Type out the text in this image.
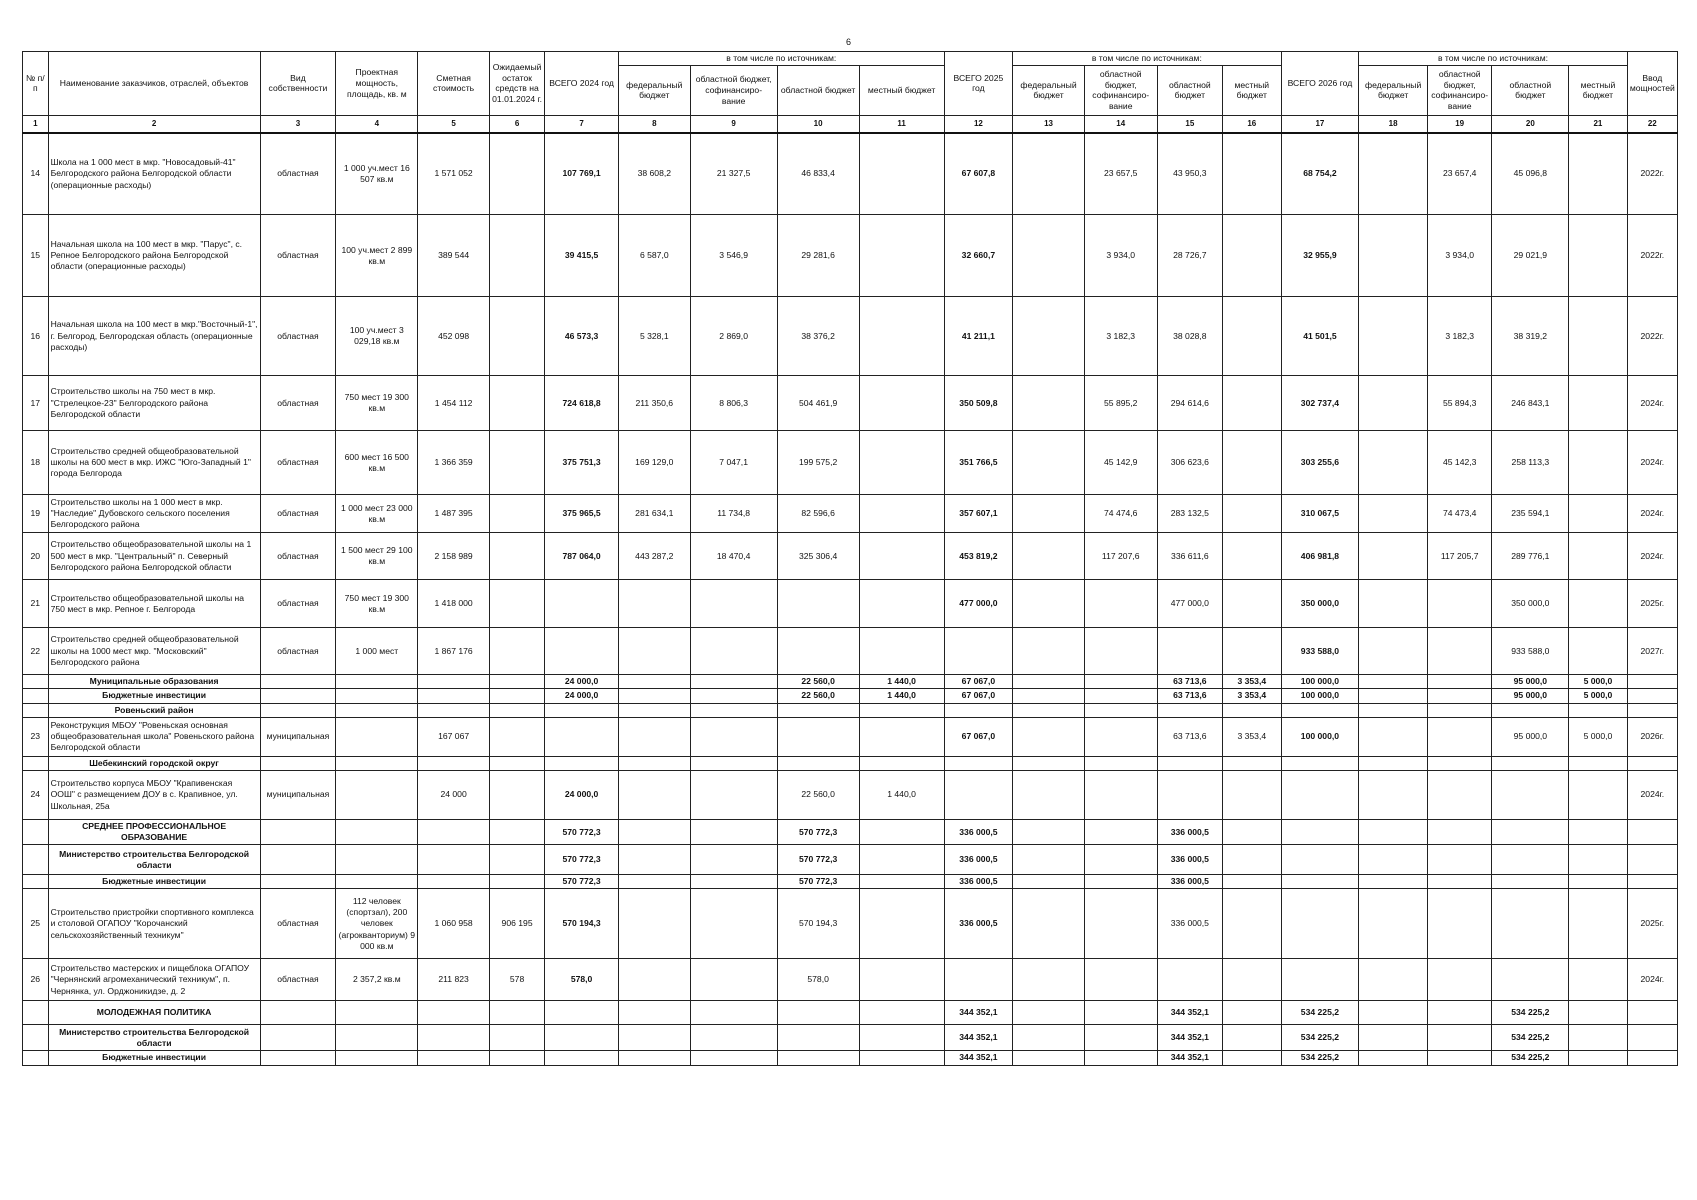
6
№ п/п	Наименование заказчиков, отраслей, объектов	Вид собственности	Проектная мощность, площадь, кв. м	Сметная стоимость	Ожидаемый остаток средств на 01.01.2024 г.	ВСЕГО 2024 год	в том числе по источникам:				ВСЕГО 2025 год	в том числе по источникам:				ВСЕГО 2026 год	в том числе по источникам:				Ввод мощностей
							федеральный бюджет	областной бюджет, софинансиро- вание	областной бюджет	местный бюджет		федеральный бюджет	областной бюджет, софинансиро- вание	областной бюджет	местный бюджет		федеральный бюджет	областной бюджет, софинансиро- вание	областной бюджет	местный бюджет	
1	2	3	4	5	6	7	8	9	10	11	12	13	14	15	16	17	18	19	20	21	22
14	Школа на 1 000 мест в мкр. "Новосадовый-41" Белгородского района Белгородской области (операционные расходы)	областная	1 000 уч.мест 16 507 кв.м	1 571 052		107 769,1	38 608,2	21 327,5	46 833,4		67 607,8		23 657,5	43 950,3		68 754,2		23 657,4	45 096,8		2022г.
15	Начальная школа на 100 мест в мкр. "Парус", с. Репное Белгородского района Белгородской области (операционные расходы)	областная	100 уч.мест 2 899 кв.м	389 544		39 415,5	6 587,0	3 546,9	29 281,6		32 660,7		3 934,0	28 726,7		32 955,9		3 934,0	29 021,9		2022г.
16	Начальная школа на 100 мест в мкр."Восточный-1", г. Белгород, Белгородская область (операционные расходы)	областная	100 уч.мест 3 029,18 кв.м	452 098		46 573,3	5 328,1	2 869,0	38 376,2		41 211,1		3 182,3	38 028,8		41 501,5		3 182,3	38 319,2		2022г.
17	Строительство школы на 750 мест в мкр. "Стрелецкое-23" Белгородского района Белгородской области	областная	750 мест 19 300 кв.м	1 454 112		724 618,8	211 350,6	8 806,3	504 461,9		350 509,8		55 895,2	294 614,6		302 737,4		55 894,3	246 843,1		2024г.
18	Строительство средней общеобразовательной школы на 600 мест в мкр. ИЖС "Юго-Западный 1" города Белгорода	областная	600 мест 16 500 кв.м	1 366 359		375 751,3	169 129,0	7 047,1	199 575,2		351 766,5		45 142,9	306 623,6		303 255,6		45 142,3	258 113,3		2024г.
19	Строительство школы на 1 000 мест в мкр. "Наследие" Дубовского сельского поселения Белгородского района	областная	1 000 мест 23 000 кв.м	1 487 395		375 965,5	281 634,1	11 734,8	82 596,6		357 607,1		74 474,6	283 132,5		310 067,5		74 473,4	235 594,1		2024г.
20	Строительство общеобразовательной школы на 1 500 мест в мкр. "Центральный" п. Северный Белгородского района Белгородской области	областная	1 500 мест 29 100 кв.м	2 158 989		787 064,0	443 287,2	18 470,4	325 306,4		453 819,2		117 207,6	336 611,6		406 981,8		117 205,7	289 776,1		2024г.
21	Строительство общеобразовательной школы на 750 мест в мкр. Репное г. Белгорода	областная	750 мест 19 300 кв.м	1 418 000							477 000,0			477 000,0		350 000,0			350 000,0		2025г.
22	Строительство средней общеобразовательной школы на 1000 мест мкр. "Московский" Белгородского района	областная	1 000 мест	1 867 176												933 588,0			933 588,0		2027г.
	Муниципальные образования					24 000,0			22 560,0	1 440,0	67 067,0			63 713,6	3 353,4	100 000,0			95 000,0	5 000,0	
	Бюджетные инвестиции					24 000,0			22 560,0	1 440,0	67 067,0			63 713,6	3 353,4	100 000,0			95 000,0	5 000,0	
	Ровеньский район																				
23	Реконструкция МБОУ "Ровеньская основная общеобразовательная школа" Ровеньского района Белгородской области	муниципальная		167 067							67 067,0			63 713,6	3 353,4	100 000,0			95 000,0	5 000,0	2026г.
	Шебекинский городской округ																				
24	Строительство корпуса МБОУ "Крапивенская ООШ" с размещением ДОУ в с. Крапивное, ул. Школьная, 25а	муниципальная		24 000		24 000,0			22 560,0	1 440,0											2024г.
	СРЕДНЕЕ ПРОФЕССИОНАЛЬНОЕ ОБРАЗОВАНИЕ					570 772,3			570 772,3		336 000,5			336 000,5							
	Министерство строительства Белгородской области					570 772,3			570 772,3		336 000,5			336 000,5							
	Бюджетные инвестиции					570 772,3			570 772,3		336 000,5			336 000,5							
25	Строительство пристройки спортивного комплекса и столовой ОГАПОУ "Корочанский сельскохозяйственный техникум"	областная	112 человек (спортзал), 200 человек (агрокванториум) 9 000 кв.м	1 060 958	906 195	570 194,3			570 194,3		336 000,5			336 000,5							2025г.
26	Строительство мастерских и пищеблока ОГАПОУ "Чернянский агромеханический техникум", п. Чернянка, ул. Орджоникидзе, д. 2	областная	2 357,2 кв.м	211 823	578	578,0			578,0												2024г.
	МОЛОДЕЖНАЯ ПОЛИТИКА										344 352,1			344 352,1		534 225,2			534 225,2		
	Министерство строительства Белгородской области										344 352,1			344 352,1		534 225,2			534 225,2		
	Бюджетные инвестиции										344 352,1			344 352,1		534 225,2			534 225,2		
